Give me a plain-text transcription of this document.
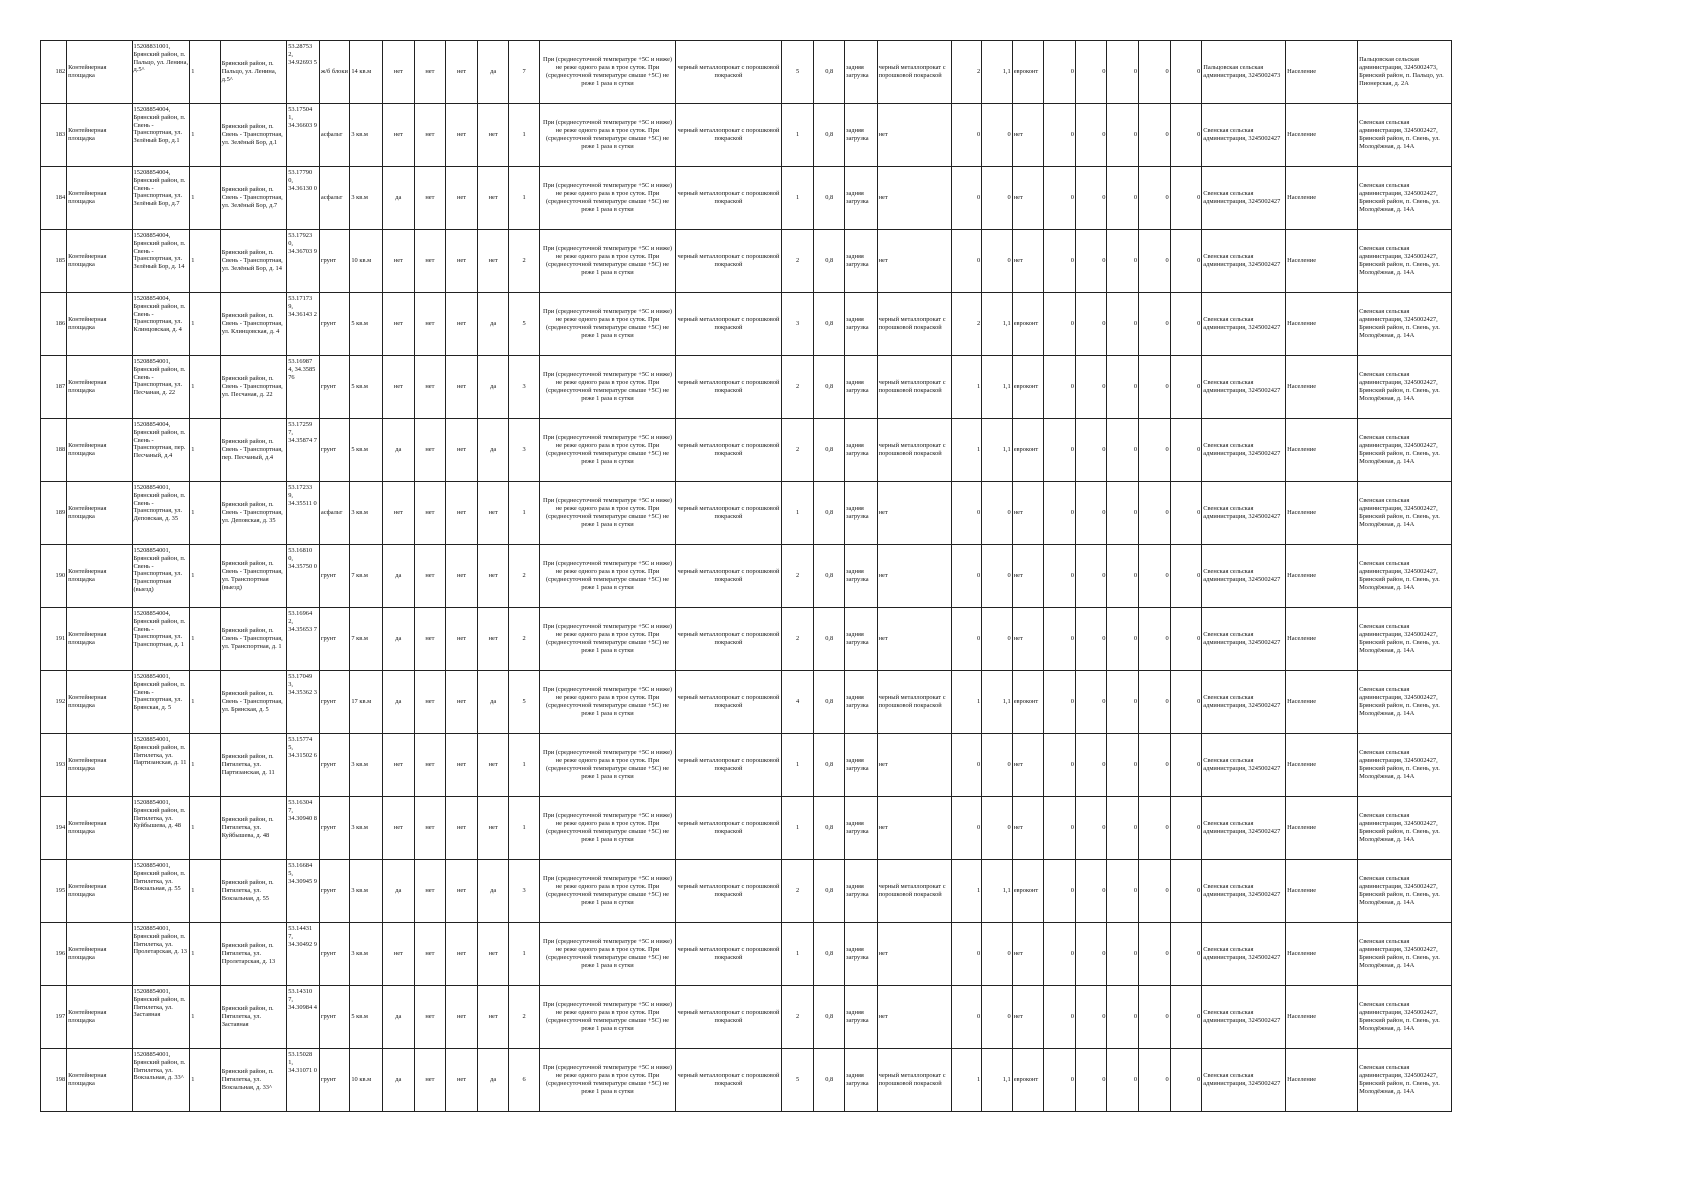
182	Контейнерная площадка	15208831001, Брянский район, п. Пальцо, ул. Ленина, д.5^	1	Брянский район, п. Пальцо, ул. Ленина, д.5^	53.28753 2, 34.92693 5	ж/б блоки	14 кв.м	нет	нет	нет	да	7	При (среднесуточной температуре +5С и ниже) не реже одного раза в трое суток. При (среднесуточной температуре свыше +5С) не реже 1 раза в сутки	черный металлопрокат с порошковой покраской	5	0,8	задняя загрузка	черный металлопрокат с порошковой покраской	2	1,1	евроконт	0	0	0	0	0	Пальцовская сельская администрация, 3245002473	Население	Пальцовская сельская администрация, 3245002473, Брянский район, п. Пальцо, ул. Пионерская, д. 2А
183	Контейнерная площадка	15208854004, Брянский район, п. Свень - Транспортная, ул. Зелёный Бор, д.1	1	Брянский район, п. Свень - Транспортная, ул. Зелёный Бор, д.1	53.17504 1, 34.36603 9	асфальт	3 кв.м	нет	нет	нет	нет	1	При (среднесуточной температуре +5С и ниже) не реже одного раза в трое суток. При (среднесуточной температуре свыше +5С) не реже 1 раза в сутки	черный металлопрокат с порошковой покраской	1	0,8	задняя загрузка	нет	0	0	нет	0	0	0	0	0	Свенская сельская администрация, 3245002427	Население	Свенская сельская администрация, 3245002427, Брянский район, п. Свень, ул. Молодёжная, д. 14А
184	Контейнерная площадка	15208854004, Брянский район, п. Свень - Транспортная, ул. Зелёный Бор, д.7	1	Брянский район, п. Свень - Транспортная, ул. Зелёный Бор, д.7	53.17790 0, 34.36130 0	асфальт	3 кв.м	да	нет	нет	нет	1	При (среднесуточной температуре +5С и ниже) не реже одного раза в трое суток. При (среднесуточной температуре свыше +5С) не реже 1 раза в сутки	черный металлопрокат с порошковой покраской	1	0,8	задняя загрузка	нет	0	0	нет	0	0	0	0	0	Свенская сельская администрация, 3245002427	Население	Свенская сельская администрация, 3245002427, Брянский район, п. Свень, ул. Молодёжная, д. 14А
185	Контейнерная площадка	15208854004, Брянский район, п. Свень - Транспортная, ул. Зелёный Бор, д. 14	1	Брянский район, п. Свень - Транспортная, ул. Зелёный Бор, д. 14	53.17923 0, 34.36703 9	грунт	10 кв.м	нет	нет	нет	нет	2	При (среднесуточной температуре +5С и ниже) не реже одного раза в трое суток. При (среднесуточной температуре свыше +5С) не реже 1 раза в сутки	черный металлопрокат с порошковой покраской	2	0,8	задняя загрузка	нет	0	0	нет	0	0	0	0	0	Свенская сельская администрация, 3245002427	Население	Свенская сельская администрация, 3245002427, Брянский район, п. Свень, ул. Молодёжная, д. 14А
186	Контейнерная площадка	15208854004, Брянский район, п. Свень - Транспортная, ул. Клинцовская, д. 4	1	Брянский район, п. Свень - Транспортная, ул. Клинцовская, д. 4	53.17173 9, 34.36143 2	грунт	5 кв.м	нет	нет	нет	да	5	При (среднесуточной температуре +5С и ниже) не реже одного раза в трое суток. При (среднесуточной температуре свыше +5С) не реже 1 раза в сутки	черный металлопрокат с порошковой покраской	3	0,8	задняя загрузка	черный металлопрокат с порошковой покраской	2	1,1	евроконт	0	0	0	0	0	Свенская сельская администрация, 3245002427	Население	Свенская сельская администрация, 3245002427, Брянский район, п. Свень, ул. Молодёжная, д. 14А
187	Контейнерная площадка	15208854001, Брянский район, п. Свень - Транспортная, ул. Песчаная, д. 22	1	Брянский район, п. Свень - Транспортная, ул. Песчаная, д. 22	53.16987 4, 34.3585 76	грунт	5 кв.м	нет	нет	нет	да	3	При (среднесуточной температуре +5С и ниже) не реже одного раза в трое суток. При (среднесуточной температуре свыше +5С) не реже 1 раза в сутки	черный металлопрокат с порошковой покраской	2	0,8	задняя загрузка	черный металлопрокат с порошковой покраской	1	1,1	евроконт	0	0	0	0	0	Свенская сельская администрация, 3245002427	Население	Свенская сельская администрация, 3245002427, Брянский район, п. Свень, ул. Молодёжная, д. 14А
188	Контейнерная площадка	15208854004, Брянский район, п. Свень - Транспортная, пер. Песчаный, д.4	1	Брянский район, п. Свень - Транспортная, пер. Песчаный, д.4	53.17259 7, 34.35874 7	грунт	5 кв.м	да	нет	нет	да	3	При (среднесуточной температуре +5С и ниже) не реже одного раза в трое суток. При (среднесуточной температуре свыше +5С) не реже 1 раза в сутки	черный металлопрокат с порошковой покраской	2	0,8	задняя загрузка	черный металлопрокат с порошковой покраской	1	1,1	евроконт	0	0	0	0	0	Свенская сельская администрация, 3245002427	Население	Свенская сельская администрация, 3245002427, Брянский район, п. Свень, ул. Молодёжная, д. 14А
189	Контейнерная площадка	15208854001, Брянский район, п. Свень - Транспортная, ул. Деповская, д. 35	1	Брянский район, п. Свень - Транспортная, ул. Деповская, д. 35	53.17233 9, 34.35511 0	асфальт	3 кв.м	нет	нет	нет	нет	1	При (среднесуточной температуре +5С и ниже) не реже одного раза в трое суток. При (среднесуточной температуре свыше +5С) не реже 1 раза в сутки	черный металлопрокат с порошковой покраской	1	0,8	задняя загрузка	нет	0	0	нет	0	0	0	0	0	Свенская сельская администрация, 3245002427	Население	Свенская сельская администрация, 3245002427, Брянский район, п. Свень, ул. Молодёжная, д. 14А
190	Контейнерная площадка	15208854001, Брянский район, п. Свень - Транспортная, ул. Транспортная (выезд)	1	Брянский район, п. Свень - Транспортная, ул. Транспортная (выезд)	53.16810 0, 34.35750 0	грунт	7 кв.м	да	нет	нет	нет	2	При (среднесуточной температуре +5С и ниже) не реже одного раза в трое суток. При (среднесуточной температуре свыше +5С) не реже 1 раза в сутки	черный металлопрокат с порошковой покраской	2	0,8	задняя загрузка	нет	0	0	нет	0	0	0	0	0	Свенская сельская администрация, 3245002427	Население	Свенская сельская администрация, 3245002427, Брянский район, п. Свень, ул. Молодёжная, д. 14А
191	Контейнерная площадка	15208854004, Брянский район, п. Свень - Транспортная, ул. Транспортная, д. 1	1	Брянский район, п. Свень - Транспортная, ул. Транспортная, д. 1	53.16964 2, 34.35653 7	грунт	7 кв.м	да	нет	нет	нет	2	При (среднесуточной температуре +5С и ниже) не реже одного раза в трое суток. При (среднесуточной температуре свыше +5С) не реже 1 раза в сутки	черный металлопрокат с порошковой покраской	2	0,8	задняя загрузка	нет	0	0	нет	0	0	0	0	0	Свенская сельская администрация, 3245002427	Население	Свенская сельская администрация, 3245002427, Брянский район, п. Свень, ул. Молодёжная, д. 14А
192	Контейнерная площадка	15208854001, Брянский район, п. Свень - Транспортная, ул. Брянская, д. 5	1	Брянский район, п. Свень - Транспортная, ул. Брянская, д. 5	53.17049 3, 34.35362 3	грунт	17 кв.м	да	нет	нет	да	5	При (среднесуточной температуре +5С и ниже) не реже одного раза в трое суток. При (среднесуточной температуре свыше +5С) не реже 1 раза в сутки	черный металлопрокат с порошковой покраской	4	0,8	задняя загрузка	черный металлопрокат с порошковой покраской	1	1,1	евроконт	0	0	0	0	0	Свенская сельская администрация, 3245002427	Население	Свенская сельская администрация, 3245002427, Брянский район, п. Свень, ул. Молодёжная, д. 14А
193	Контейнерная площадка	15208854001, Брянский район, п. Пятилетка, ул. Партизанская, д. 11	1	Брянский район, п. Пятилетка, ул. Партизанская, д. 11	53.15774 5, 34.31502 6	грунт	3 кв.м	нет	нет	нет	нет	1	При (среднесуточной температуре +5С и ниже) не реже одного раза в трое суток. При (среднесуточной температуре свыше +5С) не реже 1 раза в сутки	черный металлопрокат с порошковой покраской	1	0,8	задняя загрузка	нет	0	0	нет	0	0	0	0	0	Свенская сельская администрация, 3245002427	Население	Свенская сельская администрация, 3245002427, Брянский район, п. Свень, ул. Молодёжная, д. 14А
194	Контейнерная площадка	15208854001, Брянский район, п. Пятилетка, ул. Куйбышева, д. 48	1	Брянский район, п. Пятилетка, ул. Куйбышева, д. 48	53.16304 7, 34.30940 8	грунт	3 кв.м	нет	нет	нет	нет	1	При (среднесуточной температуре +5С и ниже) не реже одного раза в трое суток. При (среднесуточной температуре свыше +5С) не реже 1 раза в сутки	черный металлопрокат с порошковой покраской	1	0,8	задняя загрузка	нет	0	0	нет	0	0	0	0	0	Свенская сельская администрация, 3245002427	Население	Свенская сельская администрация, 3245002427, Брянский район, п. Свень, ул. Молодёжная, д. 14А
195	Контейнерная площадка	15208854001, Брянский район, п. Пятилетка, ул. Вокзальная, д. 55	1	Брянский район, п. Пятилетка, ул. Вокзальная, д. 55	53.16684 5, 34.30945 9	грунт	3 кв.м	да	нет	нет	да	3	При (среднесуточной температуре +5С и ниже) не реже одного раза в трое суток. При (среднесуточной температуре свыше +5С) не реже 1 раза в сутки	черный металлопрокат с порошковой покраской	2	0,8	задняя загрузка	черный металлопрокат с порошковой покраской	1	1,1	евроконт	0	0	0	0	0	Свенская сельская администрация, 3245002427	Население	Свенская сельская администрация, 3245002427, Брянский район, п. Свень, ул. Молодёжная, д. 14А
196	Контейнерная площадка	15208854001, Брянский район, п. Пятилетка, ул. Пролетарская, д. 13	1	Брянский район, п. Пятилетка, ул. Пролетарская, д. 13	53.14431 7, 34.30492 9	грунт	3 кв.м	нет	нет	нет	нет	1	При (среднесуточной температуре +5С и ниже) не реже одного раза в трое суток. При (среднесуточной температуре свыше +5С) не реже 1 раза в сутки	черный металлопрокат с порошковой покраской	1	0,8	задняя загрузка	нет	0	0	нет	0	0	0	0	0	Свенская сельская администрация, 3245002427	Население	Свенская сельская администрация, 3245002427, Брянский район, п. Свень, ул. Молодёжная, д. 14А
197	Контейнерная площадка	15208854001, Брянский район, п. Пятилетка, ул. Заставная	1	Брянский район, п. Пятилетка, ул. Заставная	53.14310 7, 34.30984 4	грунт	5 кв.м	да	нет	нет	нет	2	При (среднесуточной температуре +5С и ниже) не реже одного раза в трое суток. При (среднесуточной температуре свыше +5С) не реже 1 раза в сутки	черный металлопрокат с порошковой покраской	2	0,8	задняя загрузка	нет	0	0	нет	0	0	0	0	0	Свенская сельская администрация, 3245002427	Население	Свенская сельская администрация, 3245002427, Брянский район, п. Свень, ул. Молодёжная, д. 14А
198	Контейнерная площадка	15208854001, Брянский район, п. Пятилетка, ул. Вокзальная, д. 33^	1	Брянский район, п. Пятилетка, ул. Вокзальная, д. 33^	53.15028 1, 34.31071 0	грунт	10 кв.м	да	нет	нет	да	6	При (среднесуточной температуре +5С и ниже) не реже одного раза в трое суток. При (среднесуточной температуре свыше +5С) не реже 1 раза в сутки	черный металлопрокат с порошковой покраской	5	0,8	задняя загрузка	черный металлопрокат с порошковой покраской	1	1,1	евроконт	0	0	0	0	0	Свенская сельская администрация, 3245002427	Население	Свенская сельская администрация, 3245002427, Брянский район, п. Свень, ул. Молодёжная, д. 14А
